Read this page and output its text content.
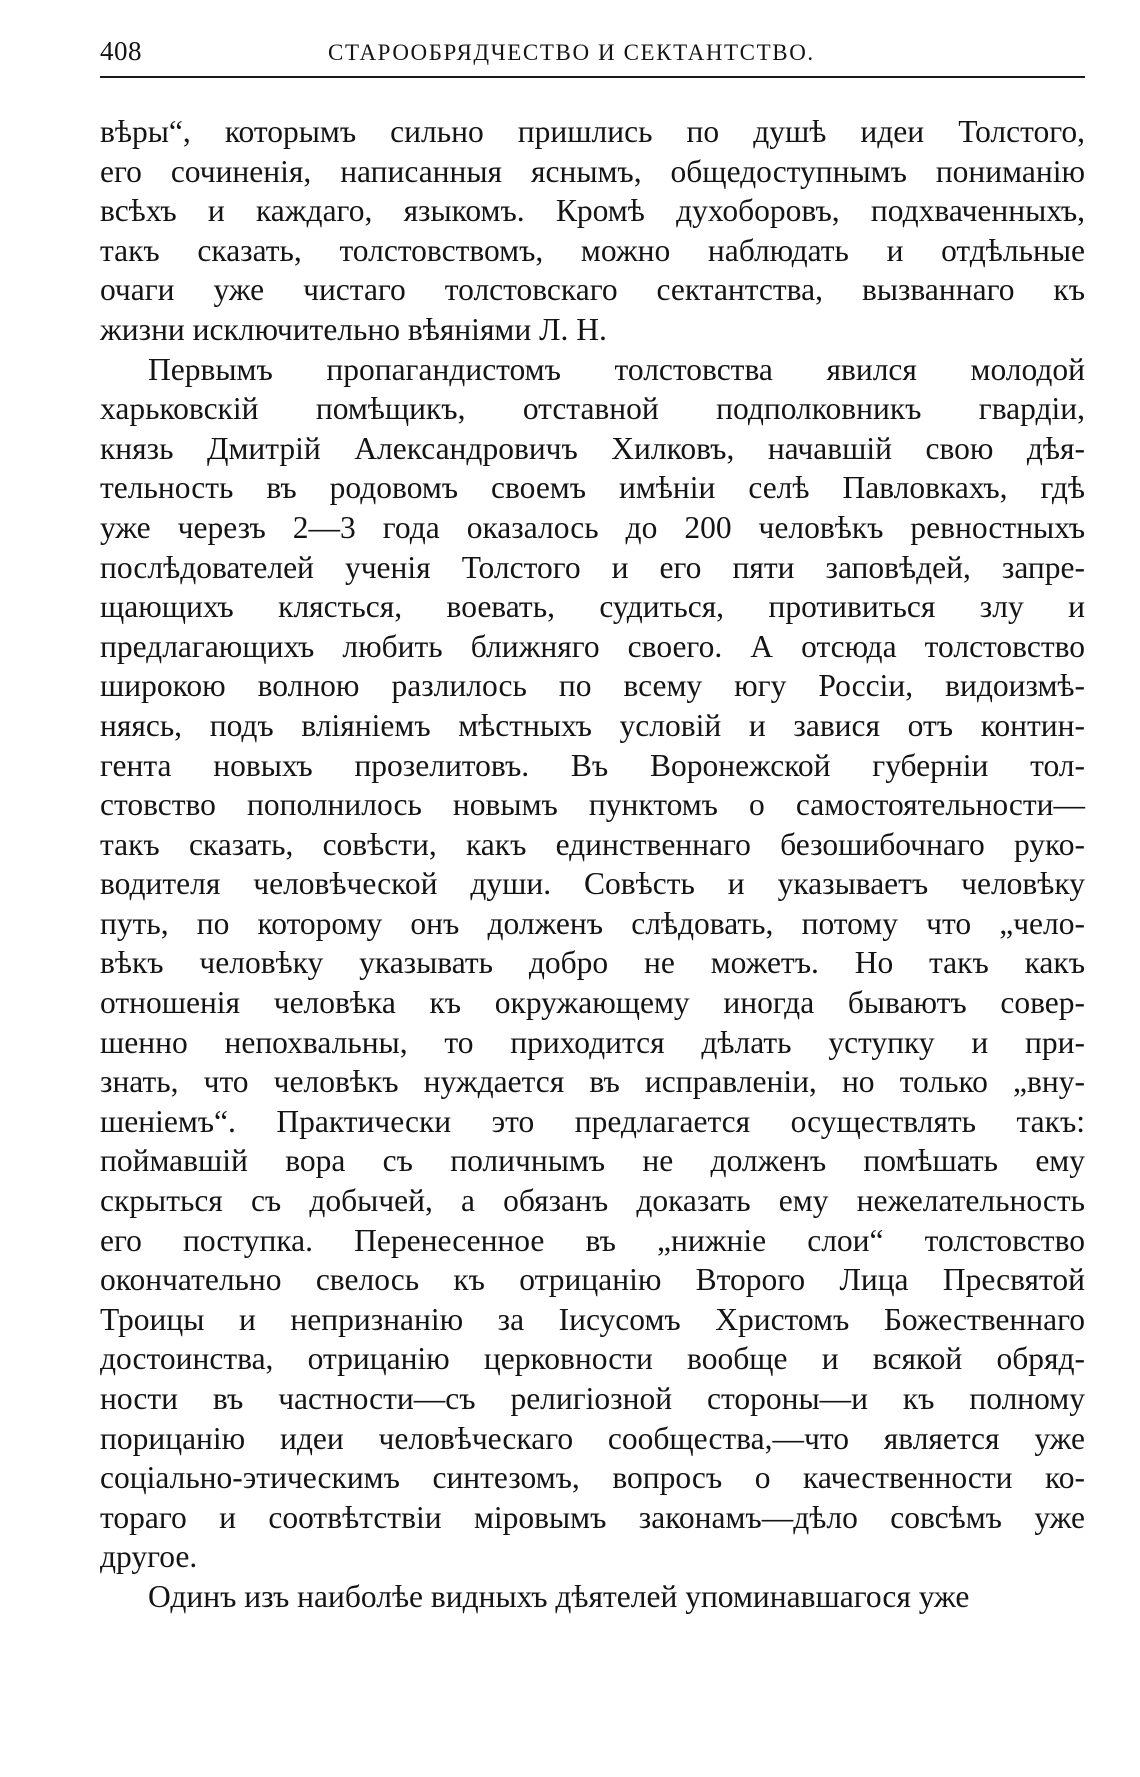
408	СТАРООБРЯДЧЕСТВО И СЕКТАНТСТВО.
вѣры“, которымъ сильно пришлись по душѣ идеи Толстого,
его сочиненія, написанныя яснымъ, общедоступнымъ пониманію
всѣхъ и каждаго, языкомъ. Кромѣ духоборовъ, подхваченныхъ,
такъ сказать, толстовствомъ, можно наблюдать и отдѣльные
очаги уже чистаго толстовскаго сектантства, вызваннаго къ
жизни исключительно вѣяніями Л. Н.
Первымъ пропагандистомъ толстовства явился молодой
харьковскій помѣщикъ, отставной подполковникъ гвардіи,
князь Дмитрій Александровичъ Хилковъ, начавшій свою дѣя-
тельность въ родовомъ своемъ имѣніи селѣ Павловкахъ, гдѣ
уже черезъ 2—3 года оказалось до 200 человѣкъ ревностныхъ
послѣдователей ученія Толстого и его пяти заповѣдей, запре-
щающихъ клясться, воевать, судиться, противиться злу и
предлагающихъ любить ближняго своего. А отсюда толстовство
широкою волною разлилось по всему югу Россіи, видоизмѣ-
няясь, подъ вліяніемъ мѣстныхъ условій и завися отъ контин-
гента новыхъ прозелитовъ. Въ Воронежской губерніи тол-
стовство пополнилось новымъ пунктомъ о самостоятельности—
такъ сказать, совѣсти, какъ единственнаго безошибочнаго руко-
водителя человѣческой души. Совѣсть и указываетъ человѣку
путь, по которому онъ долженъ слѣдовать, потому что „чело-
вѣкъ человѣку указывать добро не можетъ. Но такъ какъ
отношенія человѣка къ окружающему иногда бываютъ совер-
шенно непохвальны, то приходится дѣлать уступку и при-
знать, что человѣкъ нуждается въ исправленіи, но только „вну-
шеніемъ“. Практически это предлагается осуществлять такъ:
поймавшій вора съ поличнымъ не долженъ помѣшать ему
скрыться съ добычей, а обязанъ доказать ему нежелательность
его поступка. Перенесенное въ „нижніе слои“ толстовство
окончательно свелось къ отрицанію Второго Лица Пресвятой
Троицы и непризнанію за Іисусомъ Христомъ Божественнаго
достоинства, отрицанію церковности вообще и всякой обряд-
ности въ частности—съ религіозной стороны—и къ полному
порицанію идеи человѣческаго сообщества,—что является уже
соціально-этическимъ синтезомъ, вопросъ о качественности ко-
тораго и соотвѣтствіи міровымъ законамъ—дѣло совсѣмъ уже
другое.
Одинъ изъ наиболѣе видныхъ дѣятелей упоминавшагося уже
